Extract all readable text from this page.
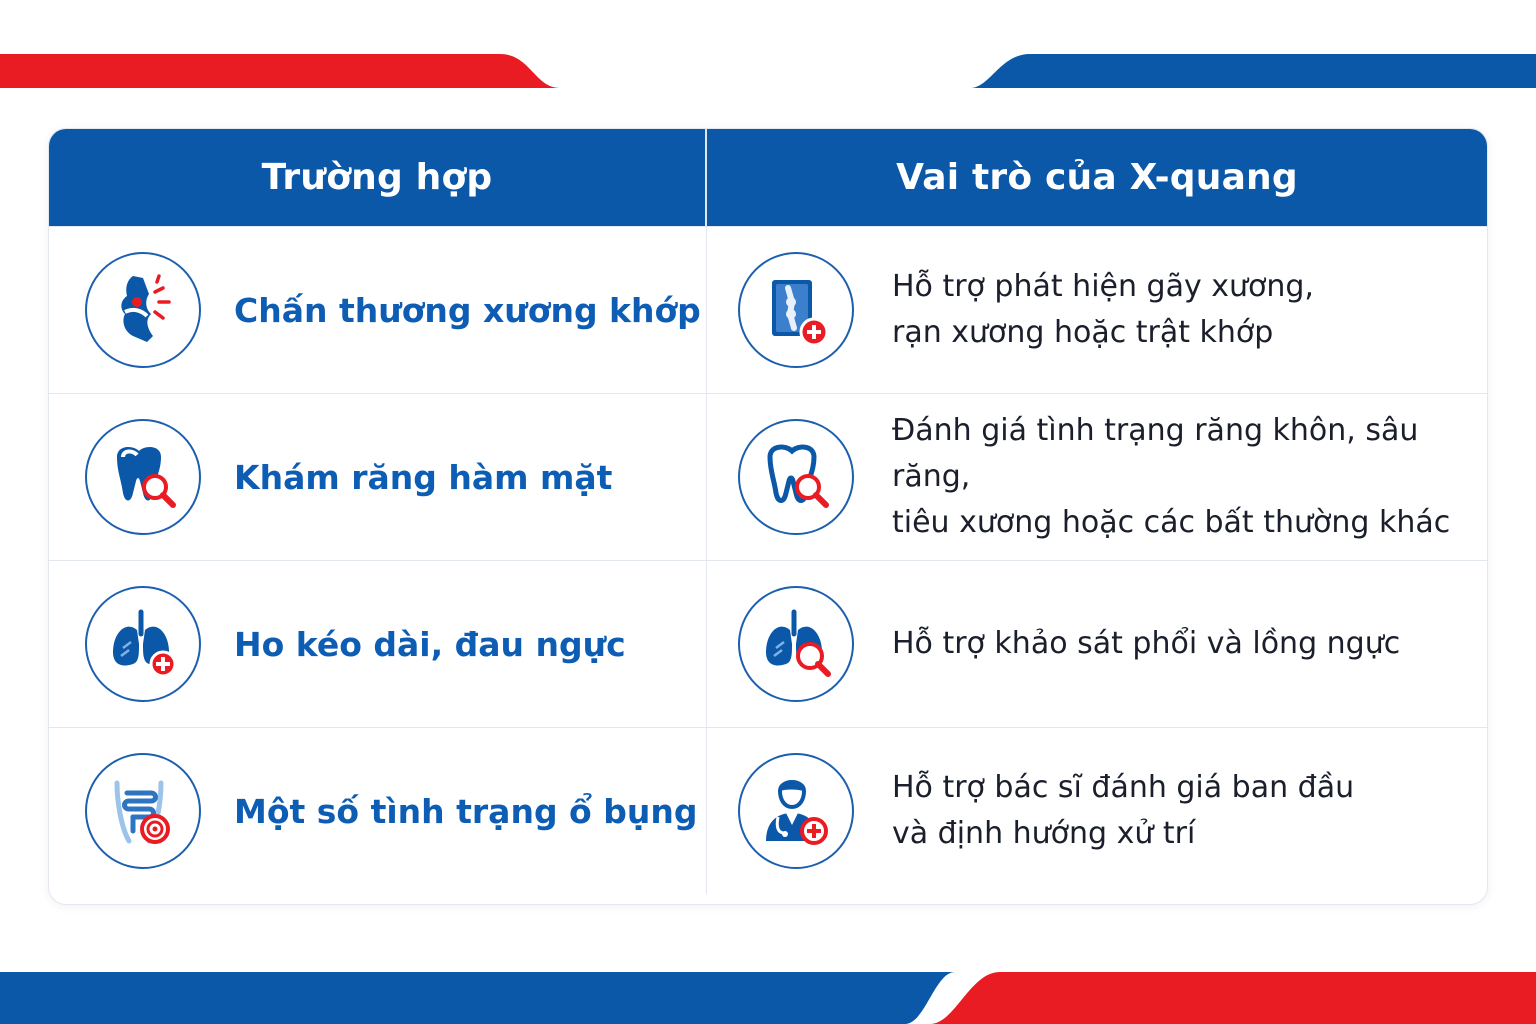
Trường hợp	Vai trò của X-quang
Chấn thương xương khớp
Hỗ trợ phát hiện gãy xương,
rạn xương hoặc trật khớp
Khám răng hàm mặt
Đánh giá tình trạng răng khôn, sâu răng,
tiêu xương hoặc các bất thường khác
Ho kéo dài, đau ngực	Hỗ trợ khảo sát phổi và lồng ngực
Một số tình trạng ổ bụng
Hỗ trợ bác sĩ đánh giá ban đầu
và định hướng xử trí
